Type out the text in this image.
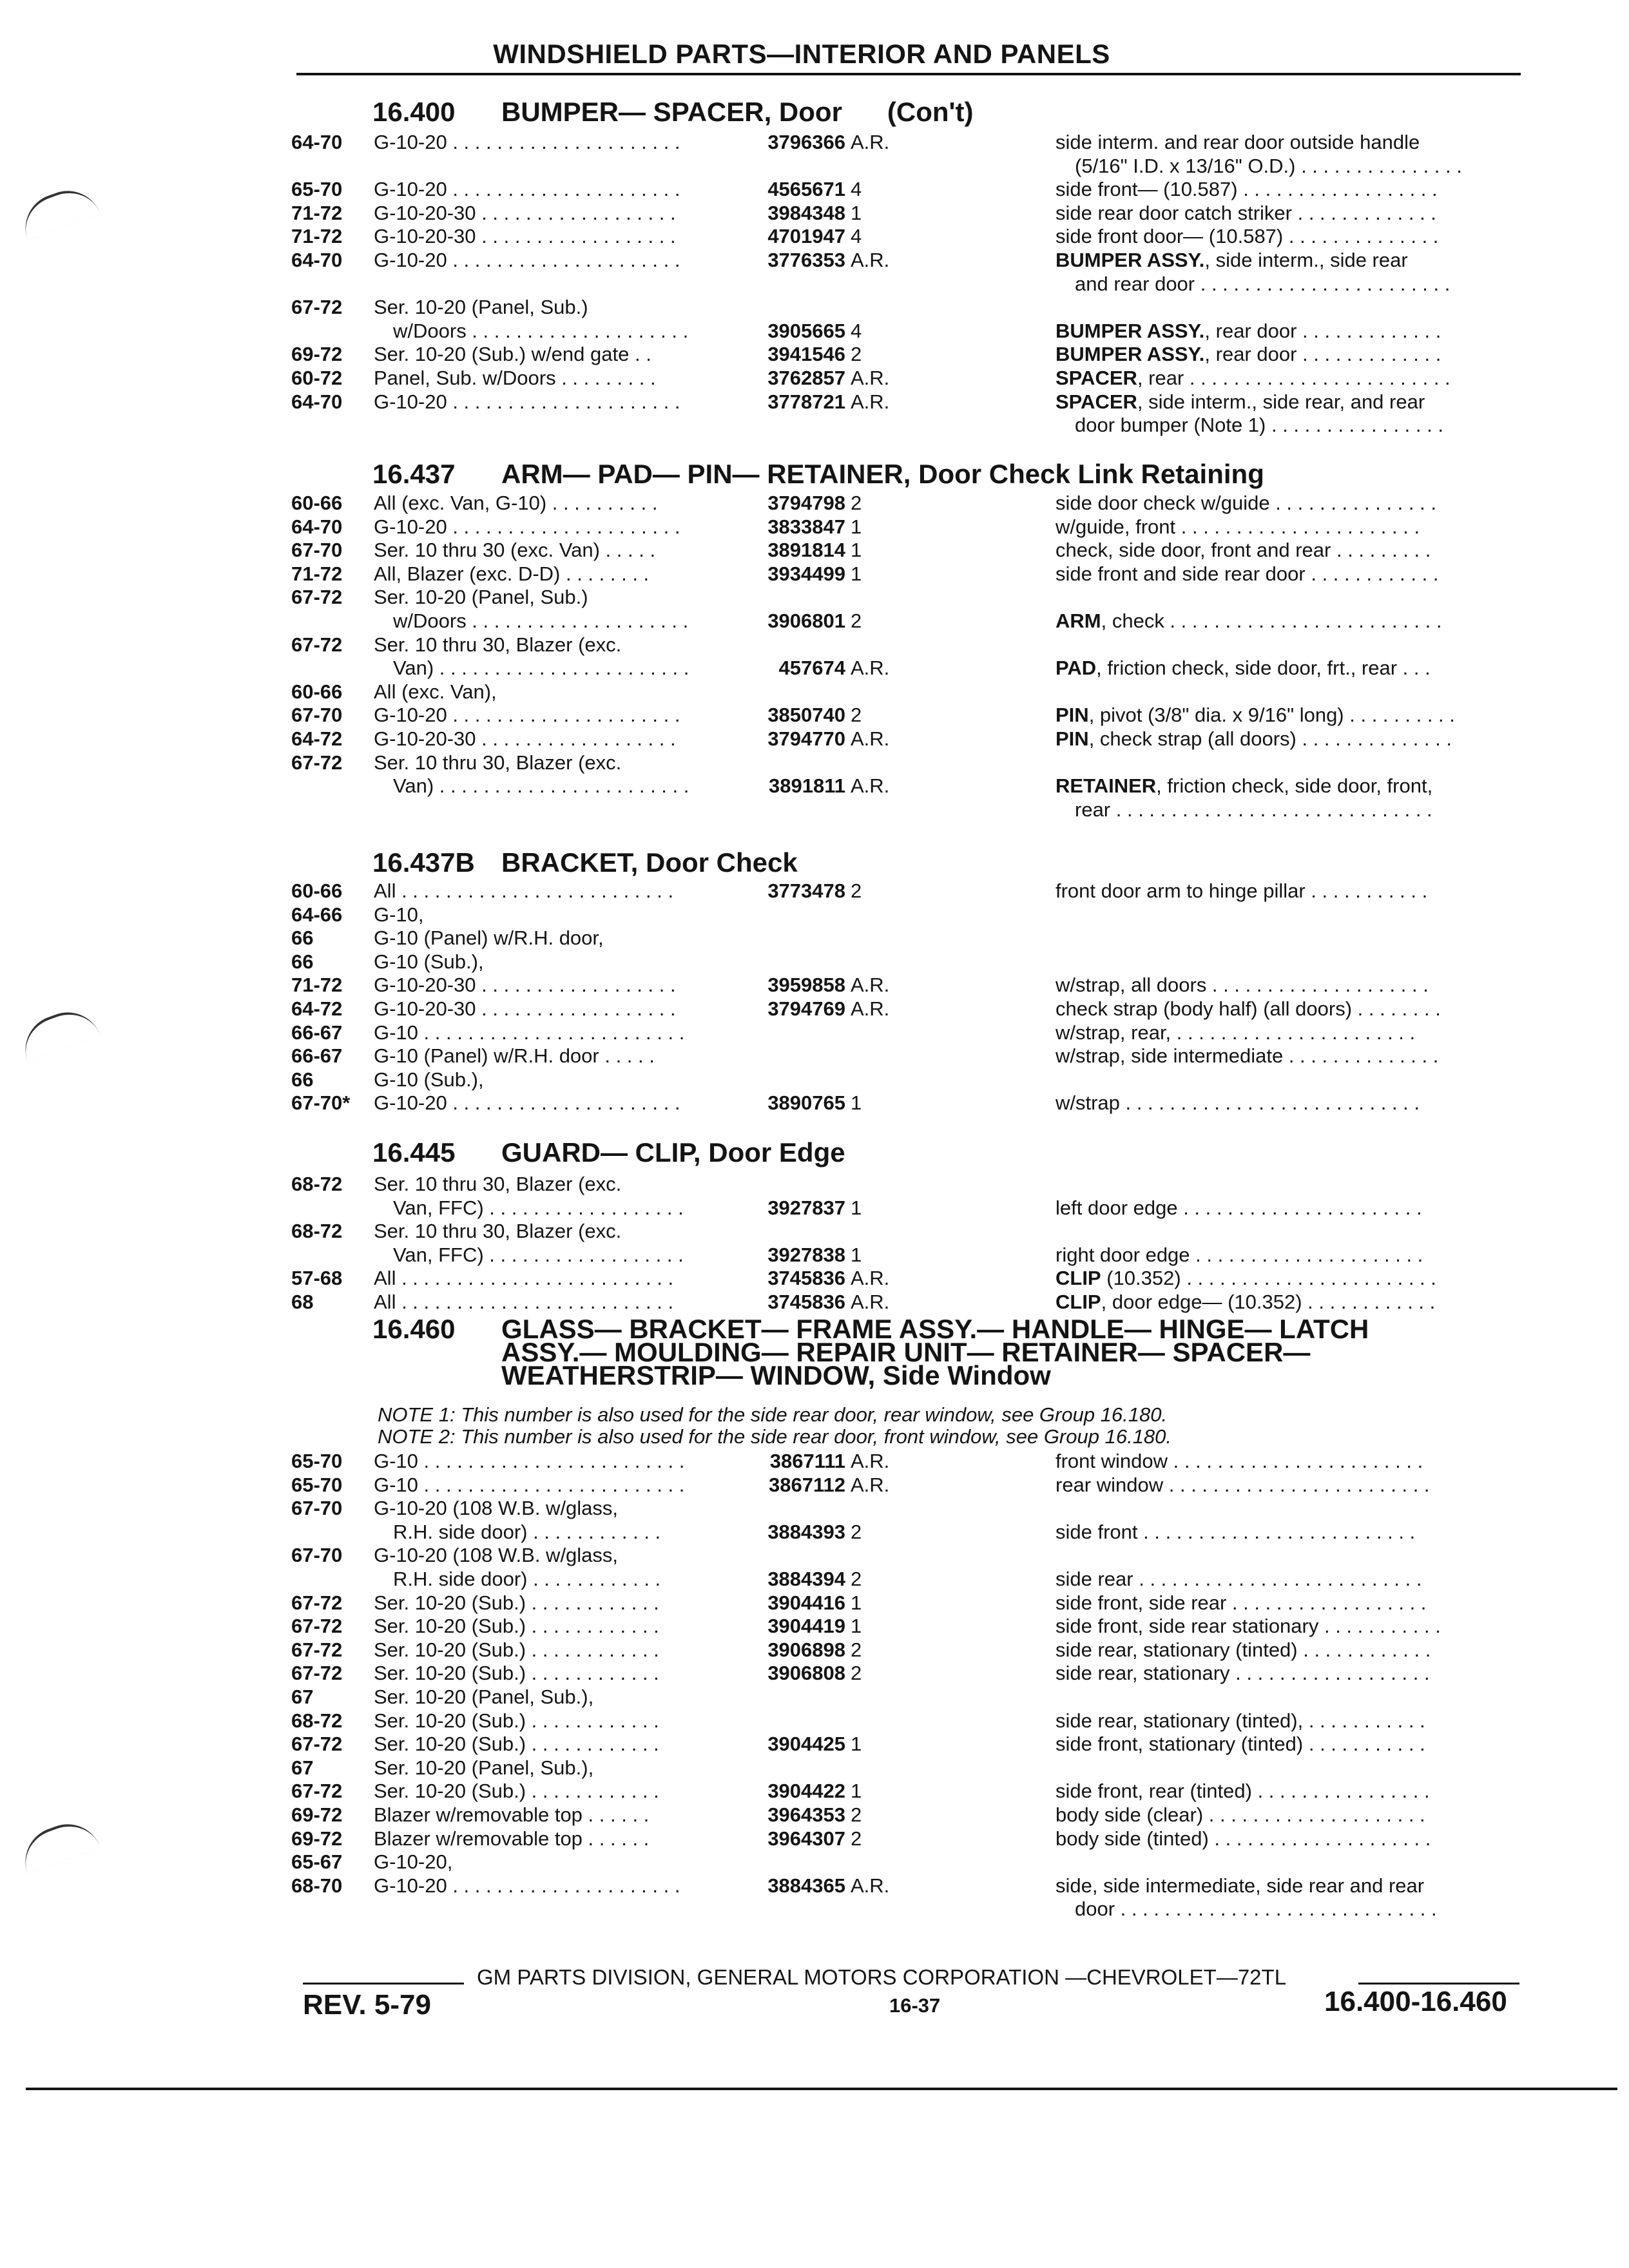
WINDSHIELD PARTS—INTERIOR AND PANELS
16.400 BUMPER— SPACER, Door      (Con't)
64-70 G-10-20 . . . . . . . . . . . . . . . . . . . . .	3796366 A.R.	side interm. and rear door outside handle
(5/16" I.D. x 13/16" O.D.) . . . . . . . . . . . . . . .
65-70 G-10-20 . . . . . . . . . . . . . . . . . . . . .	4565671 4	side front— (10.587) . . . . . . . . . . . . . . . . . .
71-72 G-10-20-30 . . . . . . . . . . . . . . . . . .	3984348 1	side rear door catch striker . . . . . . . . . . . . .
71-72 G-10-20-30 . . . . . . . . . . . . . . . . . .	4701947 4	side front door— (10.587) . . . . . . . . . . . . . .
64-70 G-10-20 . . . . . . . . . . . . . . . . . . . . .	3776353 A.R.	BUMPER ASSY., side interm., side rear
and rear door . . . . . . . . . . . . . . . . . . . . . . .
67-72 Ser. 10-20 (Panel, Sub.)
w/Doors . . . . . . . . . . . . . . . . . . . .	3905665 4	BUMPER ASSY., rear door . . . . . . . . . . . . .
69-72 Ser. 10-20 (Sub.) w/end gate . .	3941546 2	BUMPER ASSY., rear door . . . . . . . . . . . . .
60-72 Panel, Sub. w/Doors . . . . . . . . .	3762857 A.R.	SPACER, rear . . . . . . . . . . . . . . . . . . . . . . . .
64-70 G-10-20 . . . . . . . . . . . . . . . . . . . . .	3778721 A.R.	SPACER, side interm., side rear, and rear
door bumper (Note 1) . . . . . . . . . . . . . . . .
16.437 ARM— PAD— PIN— RETAINER, Door Check Link Retaining
60-66 All (exc. Van, G-10) . . . . . . . . . .	3794798 2	side door check w/guide . . . . . . . . . . . . . . .
64-70 G-10-20 . . . . . . . . . . . . . . . . . . . . .	3833847 1	w/guide, front . . . . . . . . . . . . . . . . . . . . . .
67-70 Ser. 10 thru 30 (exc. Van) . . . . .	3891814 1	check, side door, front and rear . . . . . . . . .
71-72 All, Blazer (exc. D-D) . . . . . . . .	3934499 1	side front and side rear door . . . . . . . . . . . .
67-72 Ser. 10-20 (Panel, Sub.)
w/Doors . . . . . . . . . . . . . . . . . . . .	3906801 2	ARM, check . . . . . . . . . . . . . . . . . . . . . . . . .
67-72 Ser. 10 thru 30, Blazer (exc.
Van) . . . . . . . . . . . . . . . . . . . . . . .	457674 A.R.	PAD, friction check, side door, frt., rear . . .
60-66 All (exc. Van),
67-70 G-10-20 . . . . . . . . . . . . . . . . . . . . .	3850740 2	PIN, pivot (3/8" dia. x 9/16" long) . . . . . . . . . .
64-72 G-10-20-30 . . . . . . . . . . . . . . . . . .	3794770 A.R.	PIN, check strap (all doors) . . . . . . . . . . . . . .
67-72 Ser. 10 thru 30, Blazer (exc.
Van) . . . . . . . . . . . . . . . . . . . . . . .	3891811 A.R.	RETAINER, friction check, side door, front,
rear . . . . . . . . . . . . . . . . . . . . . . . . . . . . .
16.437B BRACKET, Door Check
60-66 All . . . . . . . . . . . . . . . . . . . . . . . . .	3773478 2	front door arm to hinge pillar . . . . . . . . . . .
64-66 G-10,
66	G-10 (Panel) w/R.H. door,
66	G-10 (Sub.),
71-72 G-10-20-30 . . . . . . . . . . . . . . . . . .	3959858 A.R.	w/strap, all doors . . . . . . . . . . . . . . . . . . . .
64-72 G-10-20-30 . . . . . . . . . . . . . . . . . .	3794769 A.R.	check strap (body half) (all doors) . . . . . . . .
66-67 G-10 . . . . . . . . . . . . . . . . . . . . . . . .	w/strap, rear, . . . . . . . . . . . . . . . . . . . . . .
66-67 G-10 (Panel) w/R.H. door . . . . .	w/strap, side intermediate . . . . . . . . . . . . . .
66	G-10 (Sub.),
67-70* G-10-20 . . . . . . . . . . . . . . . . . . . . .	3890765 1	w/strap . . . . . . . . . . . . . . . . . . . . . . . . . . .
16.445 GUARD— CLIP, Door Edge
68-72 Ser. 10 thru 30, Blazer (exc.
Van, FFC) . . . . . . . . . . . . . . . . . .	3927837 1	left door edge . . . . . . . . . . . . . . . . . . . . . .
68-72 Ser. 10 thru 30, Blazer (exc.
Van, FFC) . . . . . . . . . . . . . . . . . .	3927838 1	right door edge . . . . . . . . . . . . . . . . . . . . .
57-68 All . . . . . . . . . . . . . . . . . . . . . . . . .	3745836 A.R.	CLIP (10.352) . . . . . . . . . . . . . . . . . . . . . . .
68	All . . . . . . . . . . . . . . . . . . . . . . . . .	3745836 A.R.	CLIP, door edge— (10.352) . . . . . . . . . . . .
16.460 GLASS— BRACKET— FRAME ASSY.— HANDLE— HINGE— LATCH
ASSY.— MOULDING— REPAIR UNIT— RETAINER— SPACER—
WEATHERSTRIP— WINDOW, Side Window
NOTE 1: This number is also used for the side rear door, rear window, see Group 16.180.
NOTE 2: This number is also used for the side rear door, front window, see Group 16.180.
65-70 G-10 . . . . . . . . . . . . . . . . . . . . . . . .	3867111 A.R.	front window . . . . . . . . . . . . . . . . . . . . . . .
65-70 G-10 . . . . . . . . . . . . . . . . . . . . . . . .	3867112 A.R.	rear window . . . . . . . . . . . . . . . . . . . . . . . .
67-70 G-10-20 (108 W.B. w/glass,
R.H. side door) . . . . . . . . . . . .	3884393 2	side front . . . . . . . . . . . . . . . . . . . . . . . . .
67-70 G-10-20 (108 W.B. w/glass,
R.H. side door) . . . . . . . . . . . .	3884394 2	side rear . . . . . . . . . . . . . . . . . . . . . . . . . .
67-72 Ser. 10-20 (Sub.) . . . . . . . . . . . .	3904416 1	side front, side rear . . . . . . . . . . . . . . . . . .
67-72 Ser. 10-20 (Sub.) . . . . . . . . . . . .	3904419 1	side front, side rear stationary . . . . . . . . . . .
67-72 Ser. 10-20 (Sub.) . . . . . . . . . . . .	3906898 2	side rear, stationary (tinted) . . . . . . . . . . . .
67-72 Ser. 10-20 (Sub.) . . . . . . . . . . . .	3906808 2	side rear, stationary . . . . . . . . . . . . . . . . . .
67	Ser. 10-20 (Panel, Sub.),
68-72 Ser. 10-20 (Sub.) . . . . . . . . . . . .	side rear, stationary (tinted), . . . . . . . . . . .
67-72 Ser. 10-20 (Sub.) . . . . . . . . . . . .	3904425 1	side front, stationary (tinted) . . . . . . . . . . .
67	Ser. 10-20 (Panel, Sub.),
67-72 Ser. 10-20 (Sub.) . . . . . . . . . . . .	3904422 1	side front, rear (tinted) . . . . . . . . . . . . . . . .
69-72 Blazer w/removable top . . . . . .	3964353 2	body side (clear) . . . . . . . . . . . . . . . . . . . .
69-72 Blazer w/removable top . . . . . .	3964307 2	body side (tinted) . . . . . . . . . . . . . . . . . . . .
65-67 G-10-20,
68-70 G-10-20 . . . . . . . . . . . . . . . . . . . . .	3884365 A.R.	side, side intermediate, side rear and rear
door . . . . . . . . . . . . . . . . . . . . . . . . . . . . .
GM PARTS DIVISION, GENERAL MOTORS CORPORATION —CHEVROLET—72TL
REV. 5-79	16-37	16.400-16.460
